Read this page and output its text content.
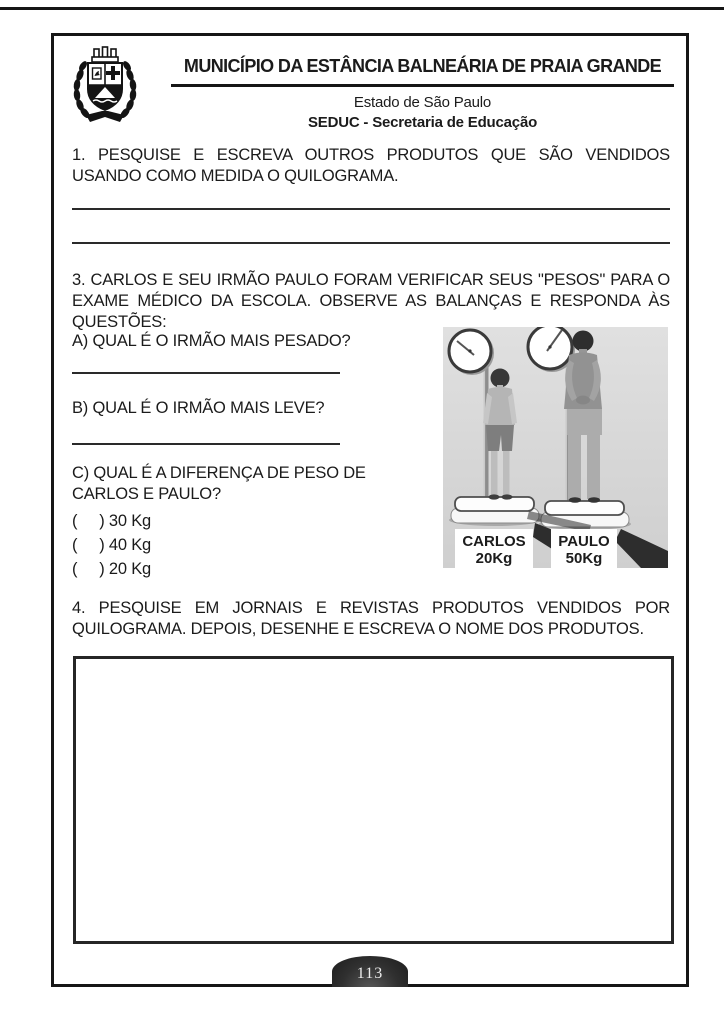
MUNICÍPIO DA ESTÂNCIA BALNEÁRIA DE PRAIA GRANDE
Estado de São Paulo
SEDUC - Secretaria de Educação
1. PESQUISE E ESCREVA OUTROS PRODUTOS QUE SÃO VENDIDOS USANDO COMO MEDIDA O QUILOGRAMA.
3. CARLOS E SEU IRMÃO PAULO FORAM VERIFICAR SEUS "PESOS" PARA O EXAME MÉDICO DA ESCOLA. OBSERVE AS BALANÇAS E RESPONDA ÀS QUESTÕES:
A) QUAL É O IRMÃO MAIS PESADO?
B) QUAL É O IRMÃO MAIS LEVE?
C) QUAL É A DIFERENÇA DE PESO DE CARLOS E PAULO?
(     ) 30 Kg
(     ) 40 Kg
(     ) 20 Kg
CARLOS
20Kg
PAULO
50Kg
4. PESQUISE EM JORNAIS E REVISTAS PRODUTOS VENDIDOS POR QUILOGRAMA. DEPOIS, DESENHE E ESCREVA O NOME DOS PRODUTOS.
113
